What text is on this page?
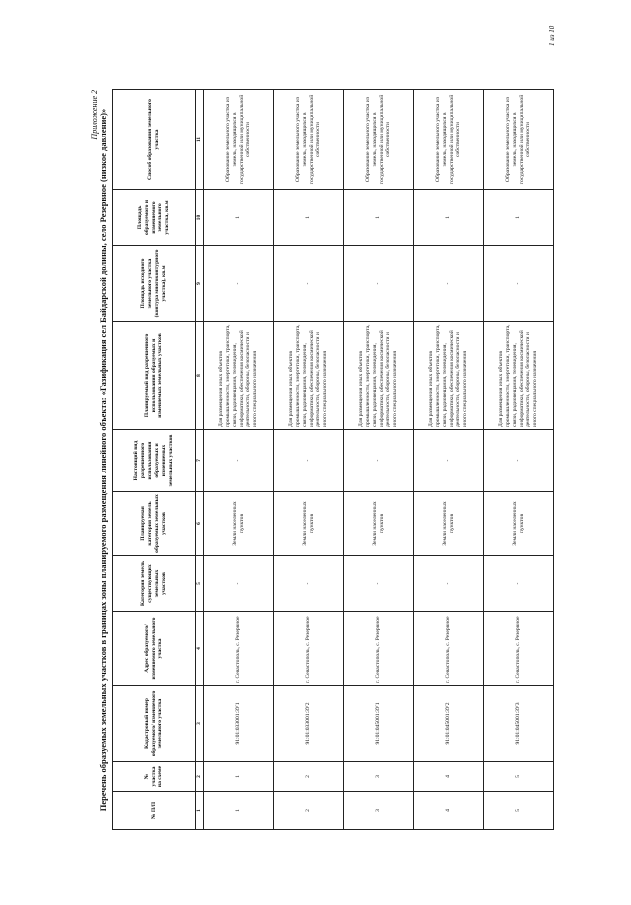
Приложение 2 Перечень образуемых земельных участков в границах зоны планируемого размещения линейного объекта: «Газификация сел Байдарской долины, село Резервное (низкое давление)»	№ П/П	№ участка на схеме	Кадастровый номер образуемого/ изменяемого земельного участка	Адрес образуемого/ изменяемого земельного участка	Категория земель существующих земельных участков	Планируемая категория земель образуемых земельных участков	Настоящий вид разрешенного использования образуемых и изменяемых земельных участков	Планируемый вид разрешенного использования образуемых и изменяемых земельных участков	Площадь исходного земельного участка (контура многоконтурного участка), кв.м	Площадь образуемого и изменяемого земельного участка, кв.м	Способ образования земельного участка
1	2	3	4	5	6	7	8	9	10	11
1	1	91:01:033001:ЗУ1	г. Севастополь, с. Резервное	-	Земли населенных пунктов	-	Для размещения иных объектов промышленности, энергетики, транспорта, связи, радиовещания, телевидения, информатики, обеспечения космической деятельности, обороны, безопасности и иного специального назначения	-	1	Образование земельного участка из земель, находящихся в государственной или муниципальной собственности
2	2	91:01:033001:ЗУ2	г. Севастополь, с. Резервное	-	Земли населенных пунктов	-	Для размещения иных объектов промышленности, энергетики, транспорта, связи, радиовещания, телевидения, информатики, обеспечения космической деятельности, обороны, безопасности и иного специального назначения	-	1	Образование земельного участка из земель, находящихся в государственной или муниципальной собственности
3	3	91:01:045001:ЗУ1	г. Севастополь, с. Резервное	-	Земли населенных пунктов	-	Для размещения иных объектов промышленности, энергетики, транспорта, связи, радиовещания, телевидения, информатики, обеспечения космической деятельности, обороны, безопасности и иного специального назначения	-	1	Образование земельного участка из земель, находящихся в государственной или муниципальной собственности
4	4	91:01:045001:ЗУ2	г. Севастополь, с. Резервное	-	Земли населенных пунктов	-	Для размещения иных объектов промышленности, энергетики, транспорта, связи, радиовещания, телевидения, информатики, обеспечения космической деятельности, обороны, безопасности и иного специального назначения	-	1	Образование земельного участка из земель, находящихся в государственной или муниципальной собственности
5	5	91:01:045001:ЗУ3	г. Севастополь, с. Резервное	-	Земли населенных пунктов	-	Для размещения иных объектов промышленности, энергетики, транспорта, связи, радиовещания, телевидения, информатики, обеспечения космической деятельности, обороны, безопасности и иного специального назначения	-	1	Образование земельного участка из земель, находящихся в государственной или муниципальной собственности
1 из 10
